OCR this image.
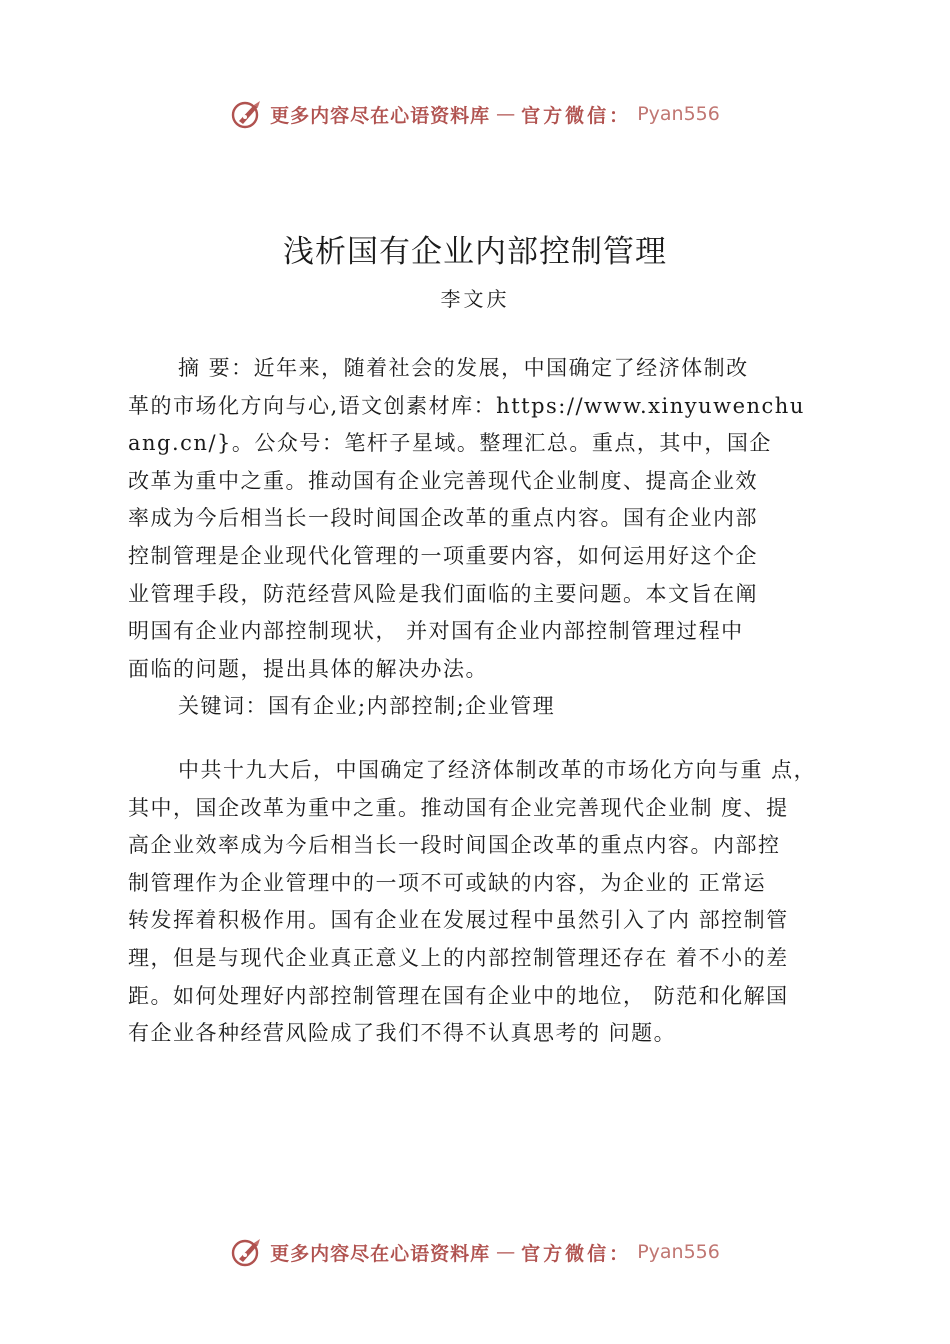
更多内容尽在心语资料库 — 官方微信： Pyan556
浅析国有企业内部控制管理
李文庆
摘 要：近年来，随着社会的发展，中国确定了经济体制改
革的市场化方向与心,语文创素材库：https://www.xinyuwenchu
ang.cn/}。公众号：笔杆子星域。整理汇总。重点，其中，国企
改革为重中之重。推动国有企业完善现代企业制度、提高企业效
率成为今后相当长一段时间国企改革的重点内容。国有企业内部
控制管理是企业现代化管理的一项重要内容，如何运用好这个企
业管理手段，防范经营风险是我们面临的主要问题。本文旨在阐
明国有企业内部控制现状， 并对国有企业内部控制管理过程中
面临的问题，提出具体的解决办法。
关键词：国有企业;内部控制;企业管理
中共十九大后，中国确定了经济体制改革的市场化方向与重 点，
其中，国企改革为重中之重。推动国有企业完善现代企业制 度、提
高企业效率成为今后相当长一段时间国企改革的重点内容。内部控
制管理作为企业管理中的一项不可或缺的内容，为企业的 正常运
转发挥着积极作用。国有企业在发展过程中虽然引入了内 部控制管
理，但是与现代企业真正意义上的内部控制管理还存在 着不小的差
距。如何处理好内部控制管理在国有企业中的地位， 防范和化解国
有企业各种经营风险成了我们不得不认真思考的 问题。
更多内容尽在心语资料库 — 官方微信： Pyan556
